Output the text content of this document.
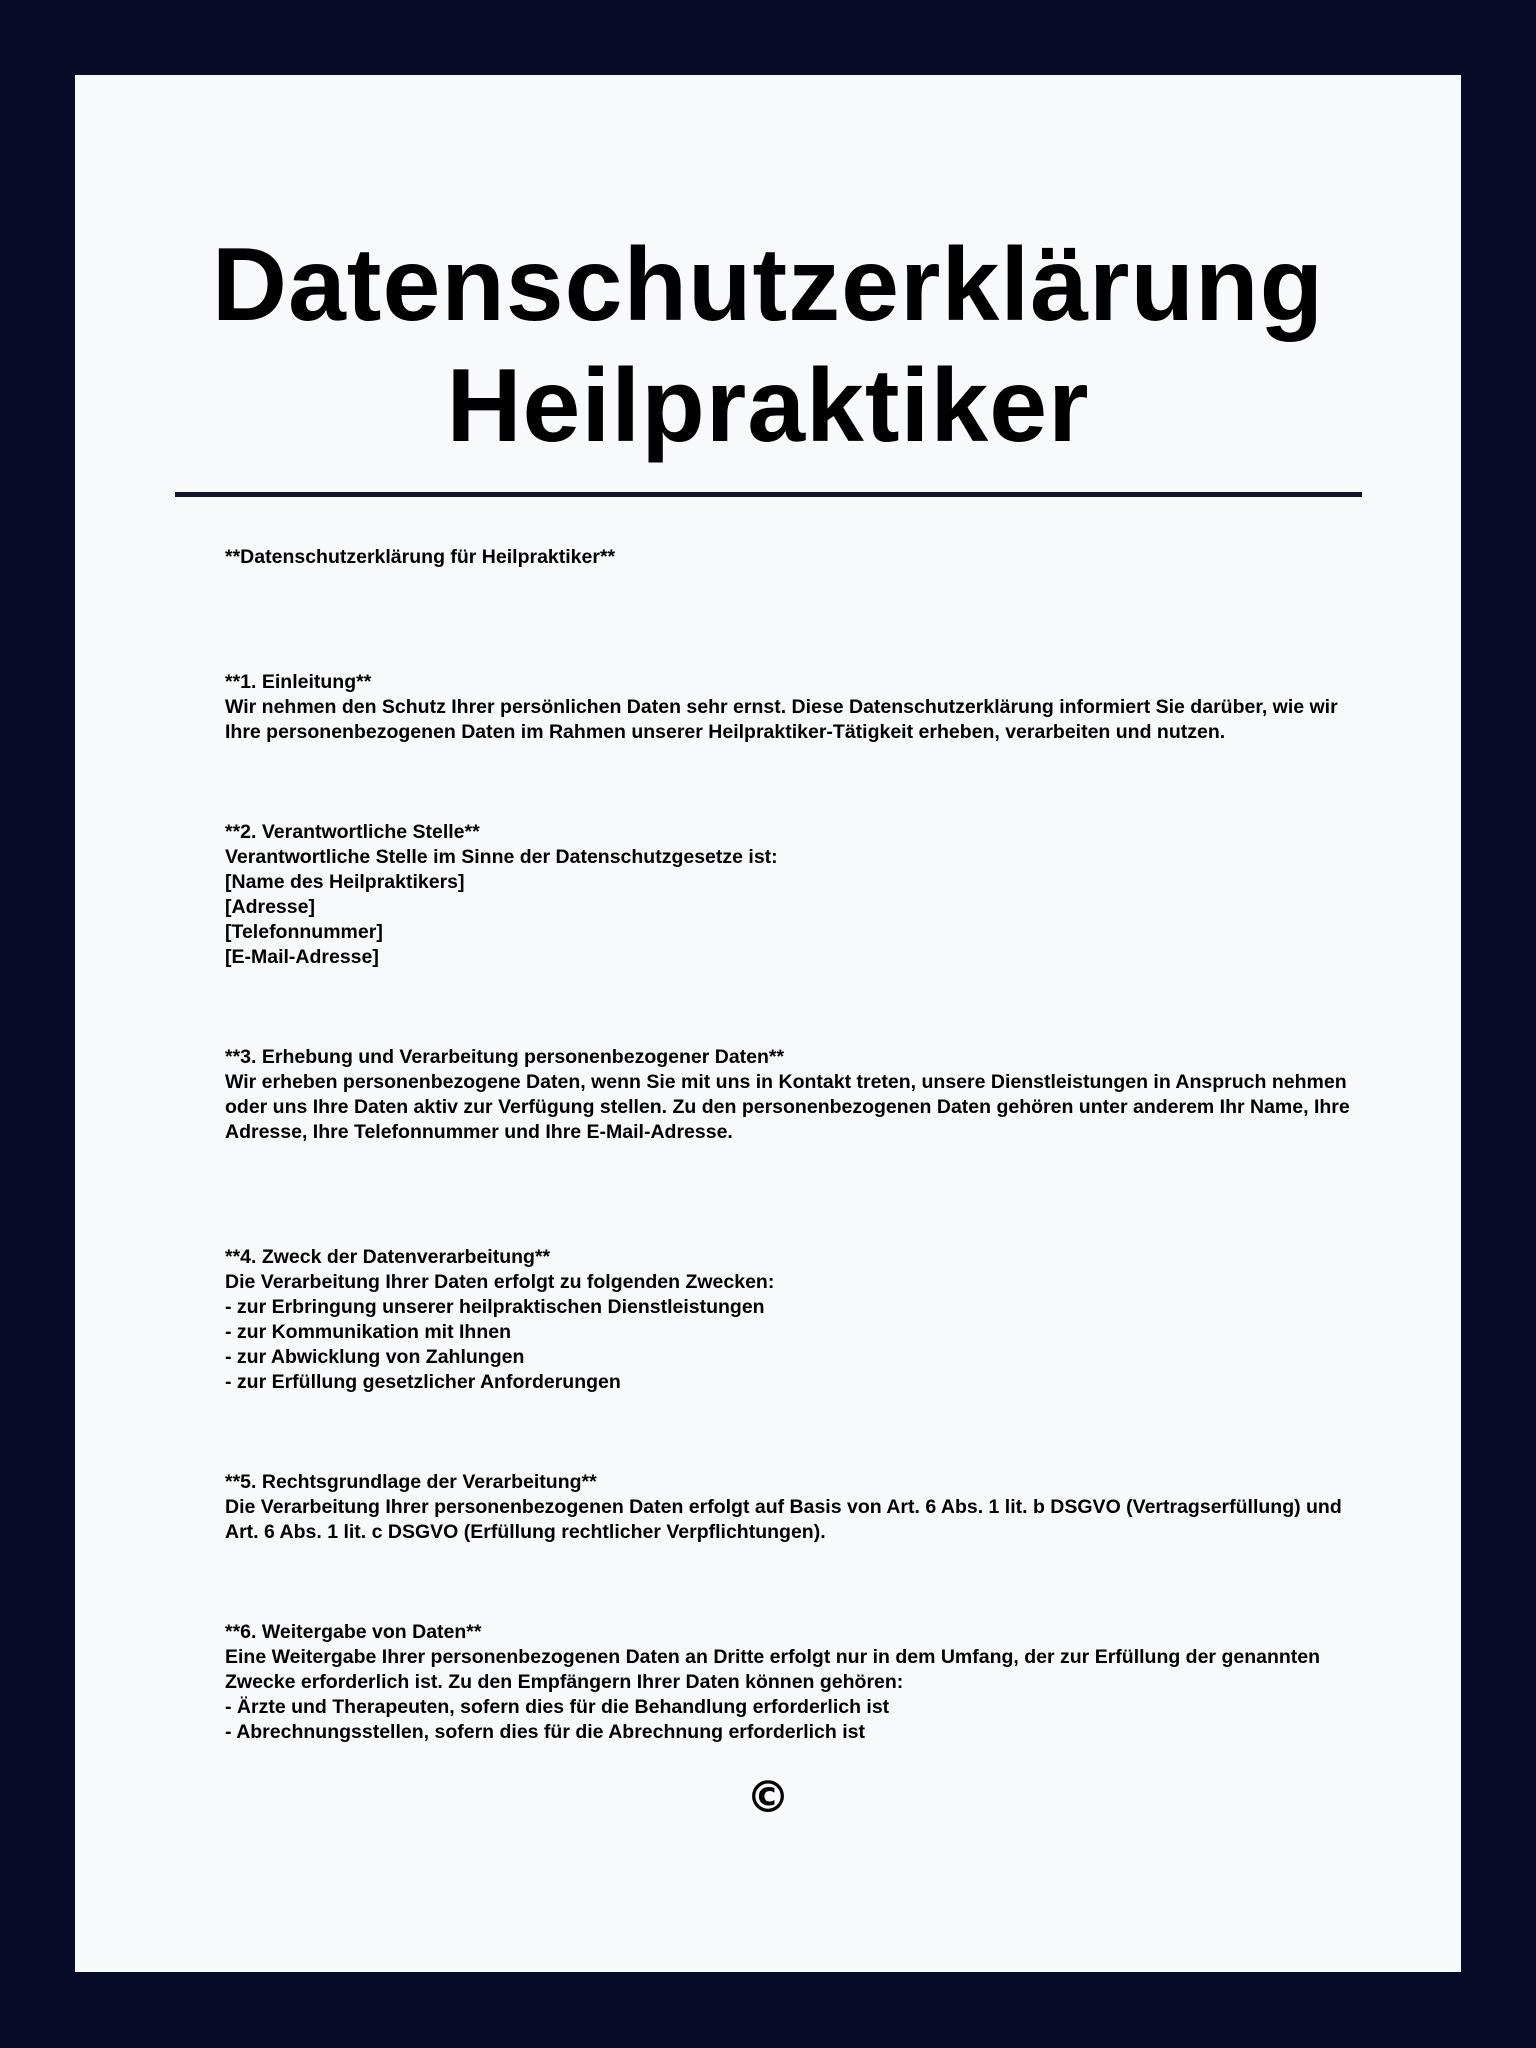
Datenschutzerklärung
Heilpraktiker

**Datenschutzerklärung für Heilpraktiker**

**1. Einleitung**

Wir nehmen den Schutz Ihrer persönlichen Daten sehr ernst. Diese Datenschutzerklärung informiert Sie darüber, wie wir Ihre personenbezogenen Daten im Rahmen unserer Heilpraktiker-Tätigkeit erheben, verarbeiten und nutzen.

**2. Verantwortliche Stelle**

Verantwortliche Stelle im Sinne der Datenschutzgesetze ist:

[Name des Heilpraktikers]

[Adresse]

[Telefonnummer]

[E-Mail-Adresse]

**3. Erhebung und Verarbeitung personenbezogener Daten**

Wir erheben personenbezogene Daten, wenn Sie mit uns in Kontakt treten, unsere Dienstleistungen in Anspruch nehmen oder uns Ihre Daten aktiv zur Verfügung stellen. Zu den personenbezogenen Daten gehören unter anderem Ihr Name, Ihre Adresse, Ihre Telefonnummer und Ihre E-Mail-Adresse.

**4. Zweck der Datenverarbeitung**

Die Verarbeitung Ihrer Daten erfolgt zu folgenden Zwecken:

- zur Erbringung unserer heilpraktischen Dienstleistungen

- zur Kommunikation mit Ihnen

- zur Abwicklung von Zahlungen

- zur Erfüllung gesetzlicher Anforderungen

**5. Rechtsgrundlage der Verarbeitung**

Die Verarbeitung Ihrer personenbezogenen Daten erfolgt auf Basis von Art. 6 Abs. 1 lit. b DSGVO (Vertragserfüllung) und Art. 6 Abs. 1 lit. c DSGVO (Erfüllung rechtlicher Verpflichtungen).

**6. Weitergabe von Daten**

Eine Weitergabe Ihrer personenbezogenen Daten an Dritte erfolgt nur in dem Umfang, der zur Erfüllung der genannten Zwecke erforderlich ist. Zu den Empfängern Ihrer Daten können gehören:

- Ärzte und Therapeuten, sofern dies für die Behandlung erforderlich ist

- Abrechnungsstellen, sofern dies für die Abrechnung erforderlich ist

©
